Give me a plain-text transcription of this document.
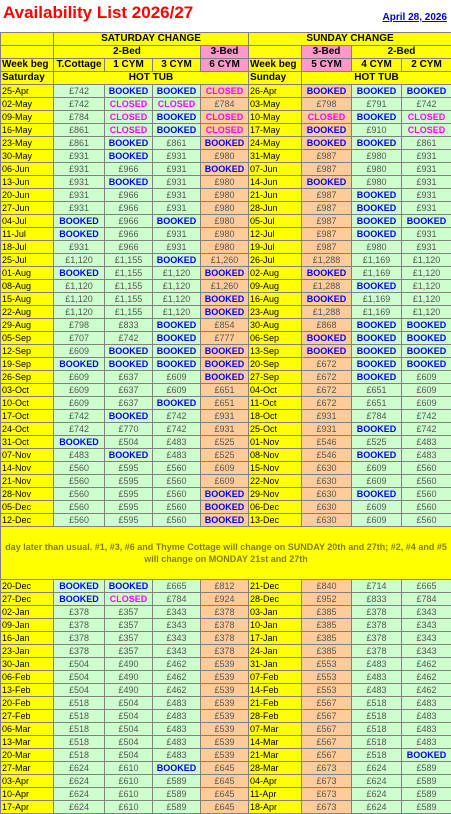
Availability List 2026/27	April 28, 2026
	SATURDAY CHANGE				SUNDAY CHANGE			
	2-Bed			3-Bed		3-Bed	2-Bed	
Week beg	T.Cottage	1 CYM	3 CYM	6 CYM	Week beg	5 CYM	4 CYM	2 CYM
Saturday	HOT TUB				Sunday	HOT TUB		
25-Apr	£742	BOOKED	BOOKED	CLOSED	26-Apr	BOOKED	BOOKED	BOOKED
02-May	£742	CLOSED	CLOSED	£784	03-May	£798	£791	£742
09-May	£784	CLOSED	BOOKED	CLOSED	10-May	CLOSED	BOOKED	CLOSED
16-May	£861	CLOSED	BOOKED	CLOSED	17-May	BOOKED	£910	CLOSED
23-May	£861	BOOKED	£861	BOOKED	24-May	BOOKED	BOOKED	£861
30-May	£931	BOOKED	£931	£980	31-May	£987	£980	£931
06-Jun	£931	£966	£931	BOOKED	07-Jun	£987	£980	£931
13-Jun	£931	BOOKED	£931	£980	14-Jun	BOOKED	£980	£931
20-Jun	£931	£966	£931	£980	21-Jun	£987	BOOKED	£931
27-Jun	£931	£966	£931	£980	28-Jun	£987	BOOKED	£931
04-Jul	BOOKED	£966	BOOKED	£980	05-Jul	£987	BOOKED	BOOKED
11-Jul	BOOKED	£966	£931	£980	12-Jul	£987	BOOKED	£931
18-Jul	£931	£966	£931	£980	19-Jul	£987	£980	£931
25-Jul	£1,120	£1,155	BOOKED	£1,260	26-Jul	£1,288	£1,169	£1,120
01-Aug	BOOKED	£1,155	£1,120	BOOKED	02-Aug	BOOKED	£1,169	£1,120
08-Aug	£1,120	£1,155	£1,120	£1,260	09-Aug	£1,288	BOOKED	£1,120
15-Aug	£1,120	£1,155	£1,120	BOOKED	16-Aug	BOOKED	£1,169	£1,120
22-Aug	£1,120	£1,155	£1,120	BOOKED	23-Aug	£1,288	£1,169	£1,120
29-Aug	£798	£833	BOOKED	£854	30-Aug	£868	BOOKED	BOOKED
05-Sep	£707	£742	BOOKED	£777	06-Sep	BOOKED	BOOKED	BOOKED
12-Sep	£609	BOOKED	BOOKED	BOOKED	13-Sep	BOOKED	BOOKED	BOOKED
19-Sep	BOOKED	BOOKED	BOOKED	BOOKED	20-Sep	£672	BOOKED	BOOKED
26-Sep	£609	£637	£609	BOOKED	27-Sep	£672	BOOKED	£609
03-Oct	£609	£637	£609	£651	04-Oct	£672	£651	£609
10-Oct	£609	£637	BOOKED	£651	11-Oct	£672	£651	£609
17-Oct	£742	BOOKED	£742	£931	18-Oct	£931	£784	£742
24-Oct	£742	£770	£742	£931	25-Oct	£931	BOOKED	£742
31-Oct	BOOKED	£504	£483	£525	01-Nov	£546	£525	£483
07-Nov	£483	BOOKED	£483	£525	08-Nov	£546	BOOKED	£483
14-Nov	£560	£595	£560	£609	15-Nov	£630	£609	£560
21-Nov	£560	£595	£560	£609	22-Nov	£630	£609	£560
28-Nov	£560	£595	£560	BOOKED	29-Nov	£630	BOOKED	£560
05-Dec	£560	£595	£560	BOOKED	06-Dec	£630	£609	£560
12-Dec	£560	£595	£560	BOOKED	13-Dec	£630	£609	£560
day later than usual. #1, #3, #6 and Thyme Cottage will change on SUNDAY 20th and 27th; #2, #4 and #5 will change on MONDAY 21st and 27th								
20-Dec	BOOKED	BOOKED	£665	£812	21-Dec	£840	£714	£665
27-Dec	BOOKED	CLOSED	£784	£924	28-Dec	£952	£833	£784
02-Jan	£378	£357	£343	£378	03-Jan	£385	£378	£343
09-Jan	£378	£357	£343	£378	10-Jan	£385	£378	£343
16-Jan	£378	£357	£343	£378	17-Jan	£385	£378	£343
23-Jan	£378	£357	£343	£378	24-Jan	£385	£378	£343
30-Jan	£504	£490	£462	£539	31-Jan	£553	£483	£462
06-Feb	£504	£490	£462	£539	07-Feb	£553	£483	£462
13-Feb	£504	£490	£462	£539	14-Feb	£553	£483	£462
20-Feb	£518	£504	£483	£539	21-Feb	£567	£518	£483
27-Feb	£518	£504	£483	£539	28-Feb	£567	£518	£483
06-Mar	£518	£504	£483	£539	07-Mar	£567	£518	£483
13-Mar	£518	£504	£483	£539	14-Mar	£567	£518	£483
20-Mar	£518	£504	£483	£539	21-Mar	£567	£518	BOOKED
27-Mar	£624	£610	BOOKED	£645	28-Mar	£673	£624	£589
03-Apr	£624	£610	£589	£645	04-Apr	£673	£624	£589
10-Apr	£624	£610	£589	£645	11-Apr	£673	£624	£589
17-Apr	£624	£610	£589	£645	18-Apr	£673	£624	£589
